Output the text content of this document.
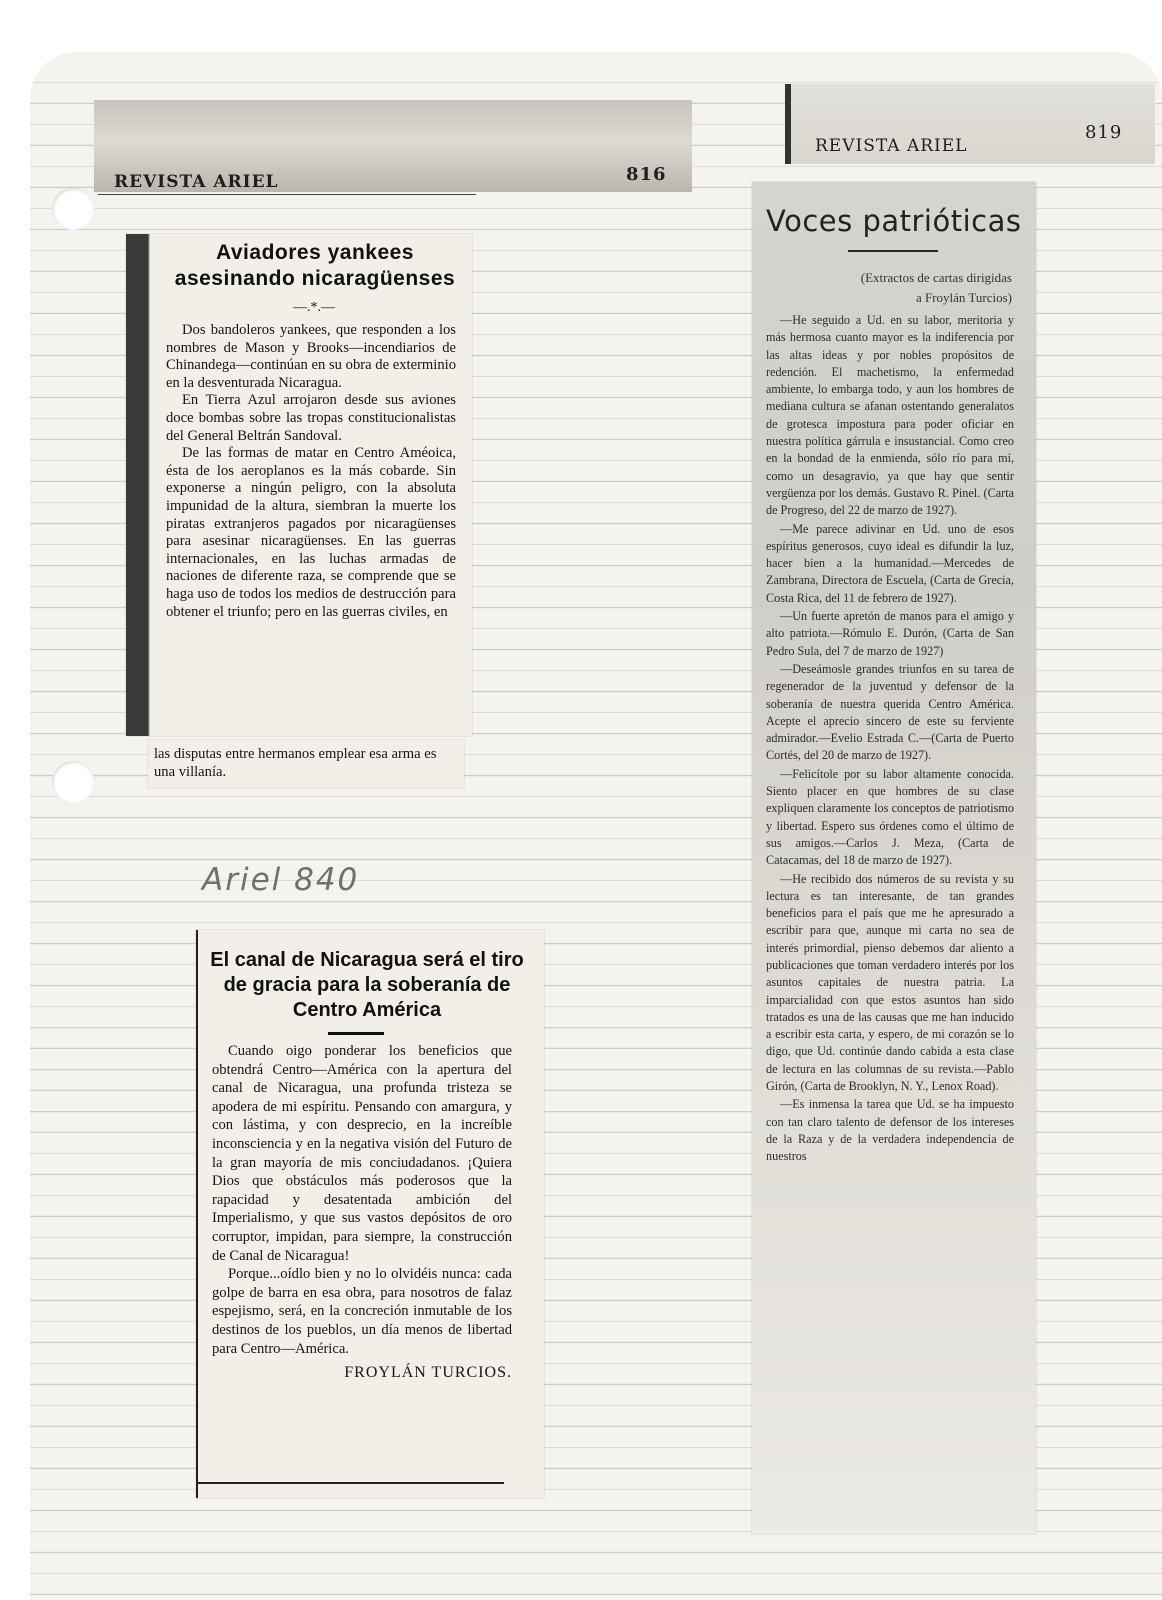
REVISTA ARIEL	816
Aviadores yankees asesinando nicaragüenses
—.*.—

Dos bandoleros yankees, que responden a los nombres de Mason y Brooks—incendiarios de Chinandega—continúan en su obra de exterminio en la desventurada Nicaragua.

En Tierra Azul arrojaron desde sus aviones doce bombas sobre las tropas constitucionalistas del General Beltrán Sandoval.

De las formas de matar en Centro Améoica, ésta de los aeroplanos es la más cobarde. Sin exponerse a ningún peligro, con la absoluta impunidad de la altura, siembran la muerte los piratas extranjeros pagados por nicaragüenses para asesinar nicaragüenses. En las guerras internacionales, en las luchas armadas de naciones de diferente raza, se comprende que se haga uso de todos los medios de destrucción para obtener el triunfo; pero en las guerras civiles, en

las disputas entre hermanos emplear esa arma es una villanía.
Ariel 840
El canal de Nicaragua será el tiro de gracia para la soberanía de Centro América

Cuando oigo ponderar los beneficios que obtendrá Centro—América con la apertura del canal de Nicaragua, una profunda tristeza se apodera de mi espíritu. Pensando con amargura, y con lástima, y con desprecio, en la increíble inconsciencia y en la negativa visión del Futuro de la gran mayoría de mis conciudadanos. ¡Quiera Dios que obstáculos más poderosos que la rapacidad y desatentada ambición del Imperialismo, y que sus vastos depósitos de oro corruptor, impidan, para siempre, la construcción de Canal de Nicaragua!

Porque...oídlo bien y no lo olvidéis nunca: cada golpe de barra en esa obra, para nosotros de falaz espejismo, será, en la concreción inmutable de los destinos de los pueblos, un día menos de libertad para Centro—América.

FROYLÁN TURCIOS.
REVISTA ARIEL
819
Voces patrióticas
(Extractos de cartas dirigidas
a Froylán Turcios)

—He seguido a Ud. en su labor, meritoria y más hermosa cuanto mayor es la indiferencia por las altas ideas y por nobles propósitos de redención. El machetismo, la enfermedad ambiente, lo embarga todo, y aun los hombres de mediana cultura se afanan ostentando generalatos de grotesca impostura para poder oficiar en nuestra política gárrula e insustancial. Como creo en la bondad de la enmienda, sólo río para mí, como un desagravio, ya que hay que sentir vergüenza por los demás. Gustavo R. Pinel. (Carta de Progreso, del 22 de marzo de 1927).

—Me parece adivinar en Ud. uno de esos espíritus generosos, cuyo ideal es difundir la luz, hacer bien a la humanidad.—Mercedes de Zambrana, Directora de Escuela, (Carta de Grecia, Costa Rica, del 11 de febrero de 1927).

—Un fuerte apretón de manos para el amigo y alto patriota.—Rómulo E. Durón, (Carta de San Pedro Sula, del 7 de marzo de 1927)

—Deseámosle grandes triunfos en su tarea de regenerador de la juventud y defensor de la soberanía de nuestra querida Centro América. Acepte el aprecio sincero de este su ferviente admirador.—Evelio Estrada C.—(Carta de Puerto Cortés, del 20 de marzo de 1927).

—Felicítole por su labor altamente conocida. Siento placer en que hombres de su clase expliquen claramente los conceptos de patriotismo y libertad. Espero sus órdenes como el último de sus amigos.—Carlos J. Meza, (Carta de Catacamas, del 18 de marzo de 1927).

—He recibido dos números de su revista y su lectura es tan interesante, de tan grandes beneficios para el país que me he apresurado a escribir para que, aunque mi carta no sea de interés primordial, pienso debemos dar aliento a publicaciones que toman verdadero interés por los asuntos capitales de nuestra patria. La imparcialidad con que estos asuntos han sido tratados es una de las causas que me han inducido a escribir esta carta, y espero, de mi corazón se lo digo, que Ud. continúe dando cabida a esta clase de lectura en las columnas de su revista.—Pablo Girón, (Carta de Brooklyn, N. Y., Lenox Road).

—Es inmensa la tarea que Ud. se ha impuesto con tan claro talento de defensor de los intereses de la Raza y de la verdadera independencia de nuestros
